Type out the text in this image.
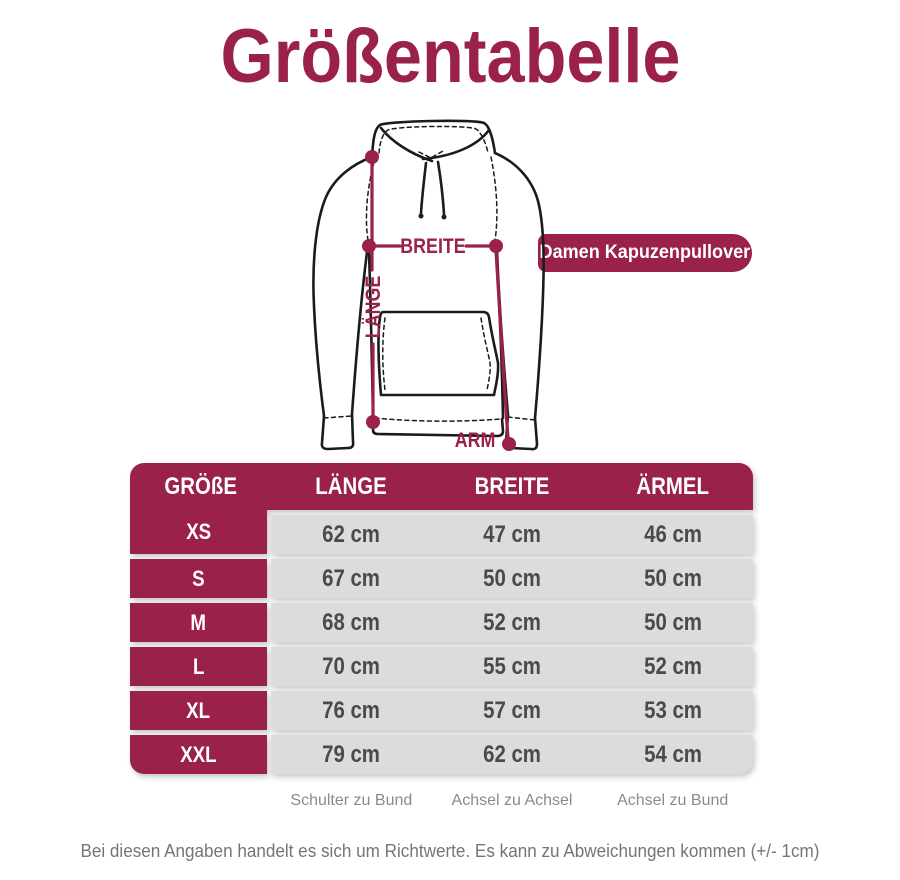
Größentabelle
Damen Kapuzenpullover
BREITE
LÄNGE
ARM
GRÖßE	LÄNGE	BREITE	ÄRMEL
XS	62 cm	47 cm	46 cm
S	67 cm	50 cm	50 cm
M	68 cm	52 cm	50 cm
L	70 cm	55 cm	52 cm
XL	76 cm	57 cm	53 cm
XXL	79 cm	62 cm	54 cm
Schulter zu Bund	Achsel zu Achsel	Achsel zu Bund

Bei diesen Angaben handelt es sich um Richtwerte. Es kann zu Abweichungen kommen (+/- 1cm)
